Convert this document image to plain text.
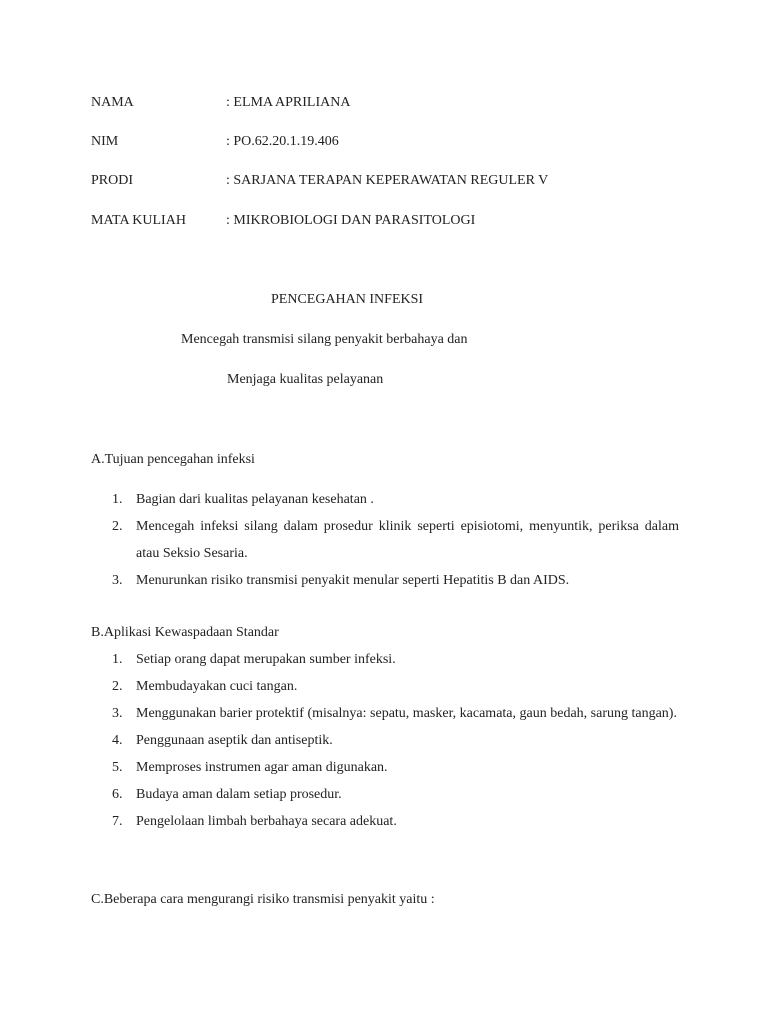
NAMA	: ELMA APRILIANA
NIM	: PO.62.20.1.19.406
PRODI	: SARJANA TERAPAN KEPERAWATAN REGULER V
MATA KULIAH	: MIKROBIOLOGI DAN PARASITOLOGI
PENCEGAHAN INFEKSI
Mencegah transmisi silang penyakit berbahaya dan
Menjaga kualitas pelayanan
A.Tujuan pencegahan infeksi
1. Bagian dari kualitas pelayanan kesehatan .
2. Mencegah infeksi silang dalam prosedur klinik seperti episiotomi, menyuntik, periksa dalam atau Seksio Sesaria.
3. Menurunkan risiko transmisi penyakit menular seperti Hepatitis B dan AIDS.
B.Aplikasi Kewaspadaan Standar
1. Setiap orang dapat merupakan sumber infeksi.
2. Membudayakan cuci tangan.
3. Menggunakan barier protektif (misalnya: sepatu, masker, kacamata, gaun bedah, sarung tangan).
4. Penggunaan aseptik dan antiseptik.
5. Memproses instrumen agar aman digunakan.
6. Budaya aman dalam setiap prosedur.
7. Pengelolaan limbah berbahaya secara adekuat.
C.Beberapa cara mengurangi risiko transmisi penyakit yaitu :
